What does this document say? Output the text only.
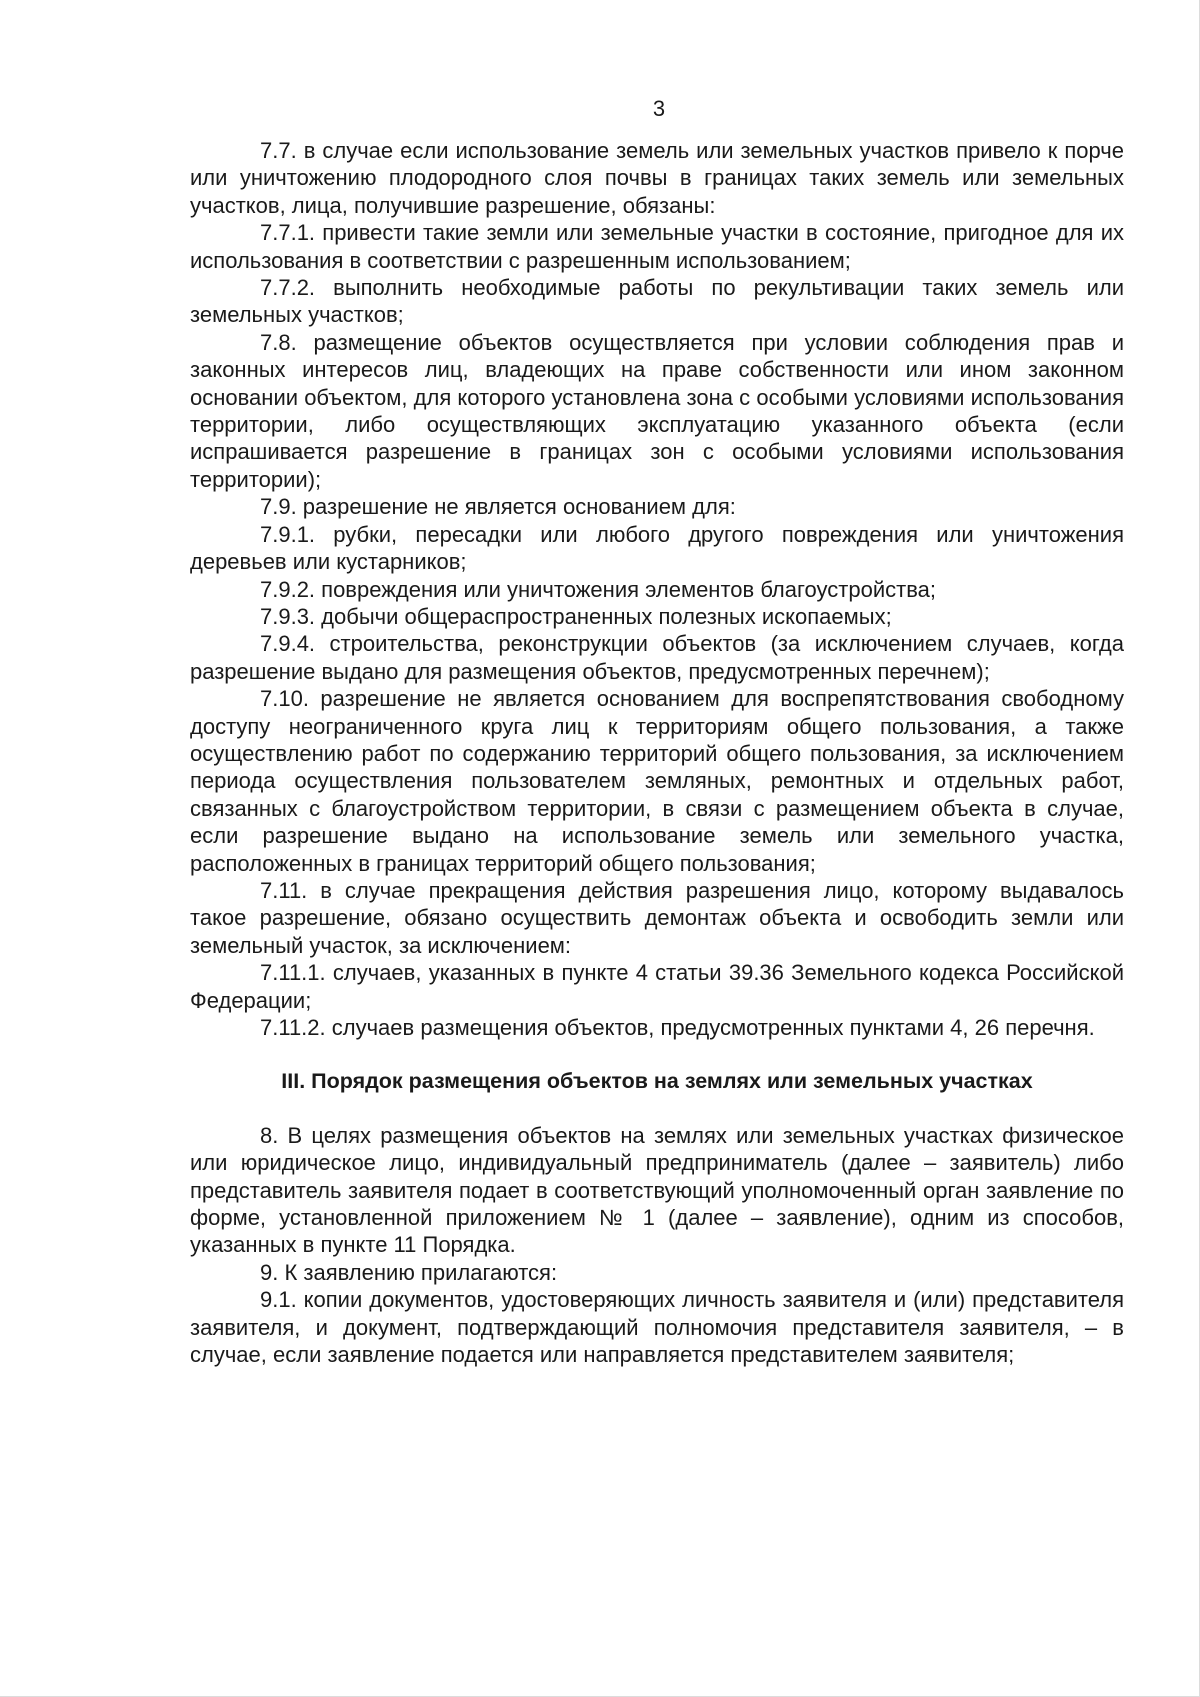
3

7.7. в случае если использование земель или земельных участков привело к порче или уничтожению плодородного слоя почвы в границах таких земель или земельных участков, лица, получившие разрешение, обязаны:

7.7.1. привести такие земли или земельные участки в состояние, пригодное для их использования в соответствии с разрешенным использованием;

7.7.2. выполнить необходимые работы по рекультивации таких земель или земельных участков;

7.8. размещение объектов осуществляется при условии соблюдения прав и законных интересов лиц, владеющих на праве собственности или ином законном основании объектом, для которого установлена зона с особыми условиями использования территории, либо осуществляющих эксплуатацию указанного объекта (если испрашивается разрешение в границах зон с особыми условиями использования территории);

7.9. разрешение не является основанием для:

7.9.1. рубки, пересадки или любого другого повреждения или уничтожения деревьев или кустарников;

7.9.2. повреждения или уничтожения элементов благоустройства;

7.9.3. добычи общераспространенных полезных ископаемых;

7.9.4. строительства, реконструкции объектов (за исключением случаев, когда разрешение выдано для размещения объектов, предусмотренных перечнем);

7.10. разрешение не является основанием для воспрепятствования свободному доступу неограниченного круга лиц к территориям общего пользования, а также осуществлению работ по содержанию территорий общего пользования, за исключением периода осуществления пользователем земляных, ремонтных и отдельных работ, связанных с благоустройством территории, в связи с размещением объекта в случае, если разрешение выдано на использование земель или земельного участка, расположенных в границах территорий общего пользования;

7.11. в случае прекращения действия разрешения лицо, которому выдавалось такое разрешение, обязано осуществить демонтаж объекта и освободить земли или земельный участок, за исключением:

7.11.1. случаев, указанных в пункте 4 статьи 39.36 Земельного кодекса Российской Федерации;

7.11.2. случаев размещения объектов, предусмотренных пунктами 4, 26 перечня.

III. Порядок размещения объектов на землях или земельных участках

8. В целях размещения объектов на землях или земельных участках физическое или юридическое лицо, индивидуальный предприниматель (далее – заявитель) либо представитель заявителя подает в соответствующий уполномоченный орган заявление по форме, установленной приложением № 1 (далее – заявление), одним из способов, указанных в пункте 11 Порядка.

9. К заявлению прилагаются:

9.1. копии документов, удостоверяющих личность заявителя и (или) представителя заявителя, и документ, подтверждающий полномочия представителя заявителя, – в случае, если заявление подается или направляется представителем заявителя;
